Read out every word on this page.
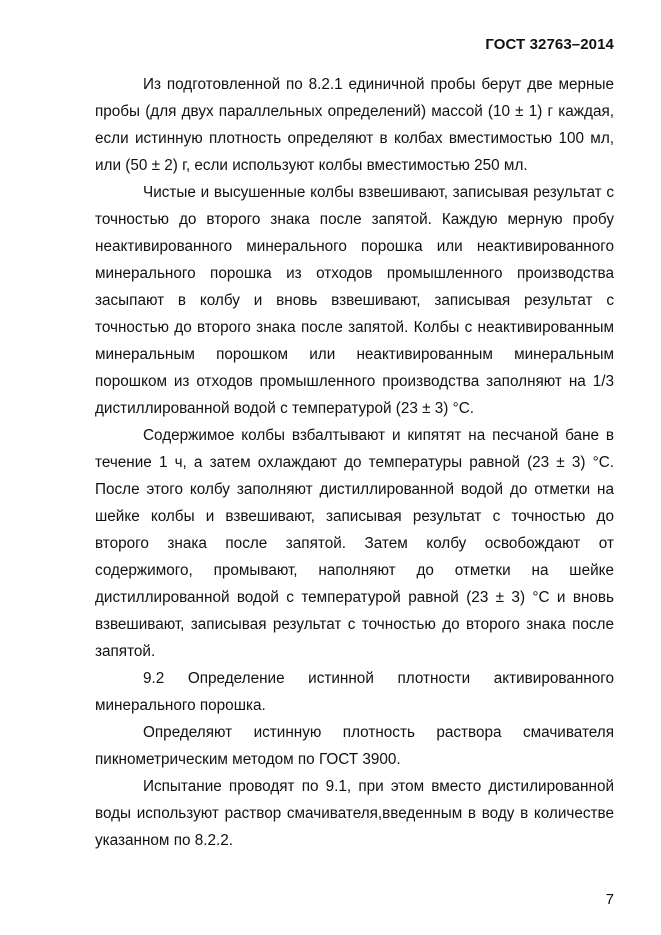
ГОСТ 32763–2014

Из подготовленной по 8.2.1 единичной пробы берут две мерные пробы (для двух параллельных определений) массой (10 ± 1) г каждая, если истинную плотность определяют в колбах вместимостью 100 мл, или (50 ± 2) г, если используют колбы вместимостью 250 мл.

Чистые и высушенные колбы взвешивают, записывая результат с точностью до второго знака после запятой. Каждую мерную пробу неактивированного минерального порошка или неактивированного минерального порошка из отходов промышленного производства засыпают в колбу и вновь взвешивают, записывая результат с точностью до второго знака после запятой. Колбы с неактивированным минеральным порошком или неактивированным минеральным порошком из отходов промышленного производства заполняют на 1/3 дистиллированной водой с температурой (23 ± 3) °С.

Содержимое колбы взбалтывают и кипятят на песчаной бане в течение 1 ч, а затем охлаждают до температуры равной (23 ± 3) °С. После этого колбу заполняют дистиллированной водой до отметки на шейке колбы и взвешивают, записывая результат с точностью до второго знака после запятой. Затем колбу освобождают от содержимого, промывают, наполняют до отметки на шейке дистиллированной водой с температурой равной (23 ± 3) °С и вновь взвешивают, записывая результат с точностью до второго знака после запятой.

9.2 Определение истинной плотности активированного минерального порошка.

Определяют истинную плотность раствора смачивателя пикнометрическим методом по ГОСТ 3900.

Испытание проводят по 9.1, при этом вместо дистилированной воды используют раствор смачивателя,введенным в воду в количестве указанном по 8.2.2.

7
